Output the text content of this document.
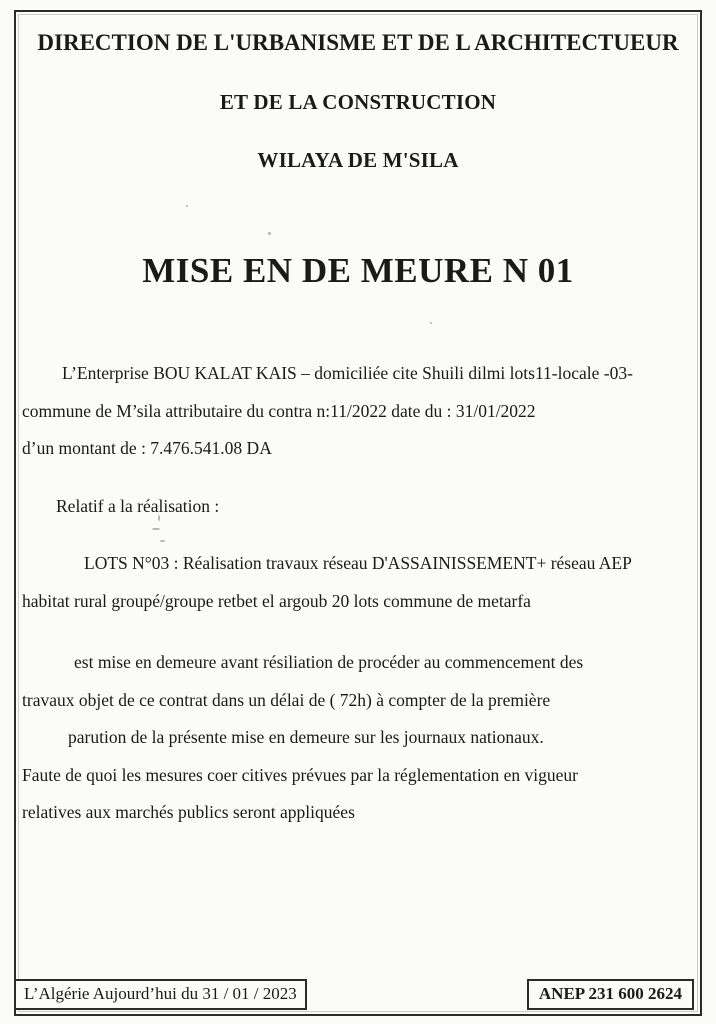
DIRECTION DE L'URBANISME ET DE L ARCHITECTUEUR
ET DE LA CONSTRUCTION
WILAYA DE M'SILA
MISE EN DE MEURE N 01
L’Enterprise BOU KALAT KAIS – domiciliée cite Shuili dilmi lots11-locale -03-
commune de M’sila attributaire du contra n:11/2022 date du : 31/01/2022
d’un montant de : 7.476.541.08 DA
Relatif a la réalisation :
LOTS N°03 : Réalisation travaux réseau D'ASSAINISSEMENT+ réseau AEP
habitat rural groupé/groupe retbet el argoub 20 lots commune de metarfa
est mise en demeure avant résiliation de procéder au commencement des
travaux objet de ce contrat dans un délai de ( 72h) à compter de la première
parution de la présente mise en demeure sur les journaux nationaux.
Faute de quoi les mesures coer citives prévues par la réglementation en vigueur
relatives aux marchés publics seront appliquées
L’Algérie Aujourd’hui du 31 / 01 / 2023	ANEP 231 600 2624
